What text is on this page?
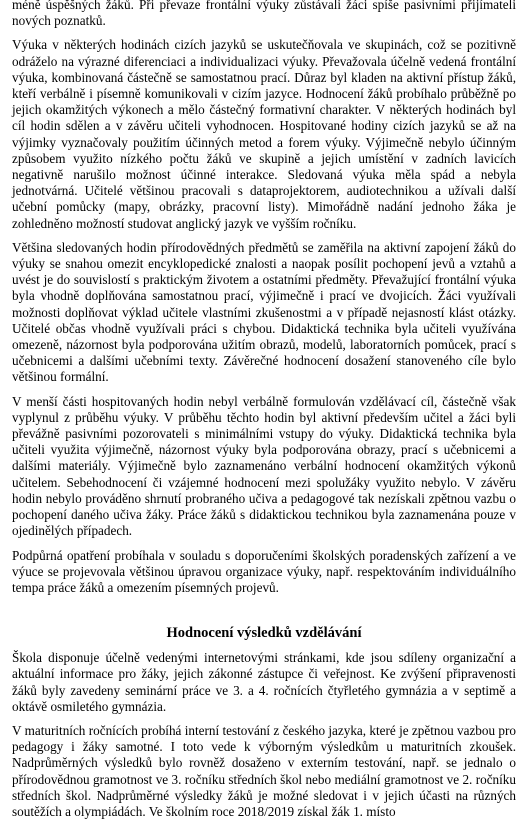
méně úspěšných žáků. Při převaze frontální výuky zůstávali žáci spíše pasivními přijímateli nových poznatků.

Výuka v některých hodinách cizích jazyků se uskutečňovala ve skupinách, což se pozitivně odráželo na výrazné diferenciaci a individualizaci výuky. Převažovala účelně vedená frontální výuka, kombinovaná částečně se samostatnou prací. Důraz byl kladen na aktivní přístup žáků, kteří verbálně i písemně komunikovali v cizím jazyce. Hodnocení žáků probíhalo průběžně po jejich okamžitých výkonech a mělo částečný formativní charakter. V některých hodinách byl cíl hodin sdělen a v závěru učiteli vyhodnocen. Hospitované hodiny cizích jazyků se až na výjimky vyznačovaly použitím účinných metod a forem výuky. Výjimečně nebylo účinným způsobem využito nízkého počtu žáků ve skupině a jejich umístění v zadních lavicích negativně narušilo možnost účinné interakce. Sledovaná výuka měla spád a nebyla jednotvárná. Učitelé většinou pracovali s dataprojektorem, audiotechnikou a užívali další učební pomůcky (mapy, obrázky, pracovní listy). Mimořádně nadání jednoho žáka je zohledněno možností studovat anglický jazyk ve vyšším ročníku.

Většina sledovaných hodin přírodovědných předmětů se zaměřila na aktivní zapojení žáků do výuky se snahou omezit encyklopedické znalosti a naopak posílit pochopení jevů a vztahů a uvést je do souvislostí s praktickým životem a ostatními předměty. Převažující frontální výuka byla vhodně doplňována samostatnou prací, výjimečně i prací ve dvojicích. Žáci využívali možnosti doplňovat výklad učitele vlastními zkušenostmi a v případě nejasností klást otázky. Učitelé občas vhodně využívali práci s chybou. Didaktická technika byla učiteli využívána omezeně, názornost byla podporována užitím obrazů, modelů, laboratorních pomůcek, prací s učebnicemi a dalšími učebními texty. Závěrečné hodnocení dosažení stanoveného cíle bylo většinou formální.

V menší části hospitovaných hodin nebyl verbálně formulován vzdělávací cíl, částečně však vyplynul z průběhu výuky. V průběhu těchto hodin byl aktivní především učitel a žáci byli převážně pasivními pozorovateli s minimálními vstupy do výuky. Didaktická technika byla učiteli využita výjimečně, názornost výuky byla podporována obrazy, prací s učebnicemi a dalšími materiály. Výjimečně bylo zaznamenáno verbální hodnocení okamžitých výkonů učitelem. Sebehodnocení či vzájemné hodnocení mezi spolužáky využito nebylo. V závěru hodin nebylo prováděno shrnutí probraného učiva a pedagogové tak nezískali zpětnou vazbu o pochopení daného učiva žáky. Práce žáků s didaktickou technikou byla zaznamenána pouze v ojedinělých případech.

Podpůrná opatření probíhala v souladu s doporučeními školských poradenských zařízení a ve výuce se projevovala většinou úpravou organizace výuky, např. respektováním individuálního tempa práce žáků a omezením písemných projevů.

Hodnocení výsledků vzdělávání

Škola disponuje účelně vedenými internetovými stránkami, kde jsou sdíleny organizační a aktuální informace pro žáky, jejich zákonné zástupce či veřejnost. Ke zvýšení připravenosti žáků byly zavedeny seminární práce ve 3. a 4. ročnících čtyřletého gymnázia a v septimě a oktávě osmiletého gymnázia.

V maturitních ročnících probíhá interní testování z českého jazyka, které je zpětnou vazbou pro pedagogy i žáky samotné. I toto vede k výborným výsledkům u maturitních zkoušek. Nadprůměrných výsledků bylo rovněž dosaženo v externím testování, např. se jednalo o přírodovědnou gramotnost ve 3. ročníku středních škol nebo mediální gramotnost ve 2. ročníku středních škol. Nadprůměrné výsledky žáků je možné sledovat i v jejich účasti na různých soutěžích a olympiádách. Ve školním roce 2018/2019 získal žák 1. místo
